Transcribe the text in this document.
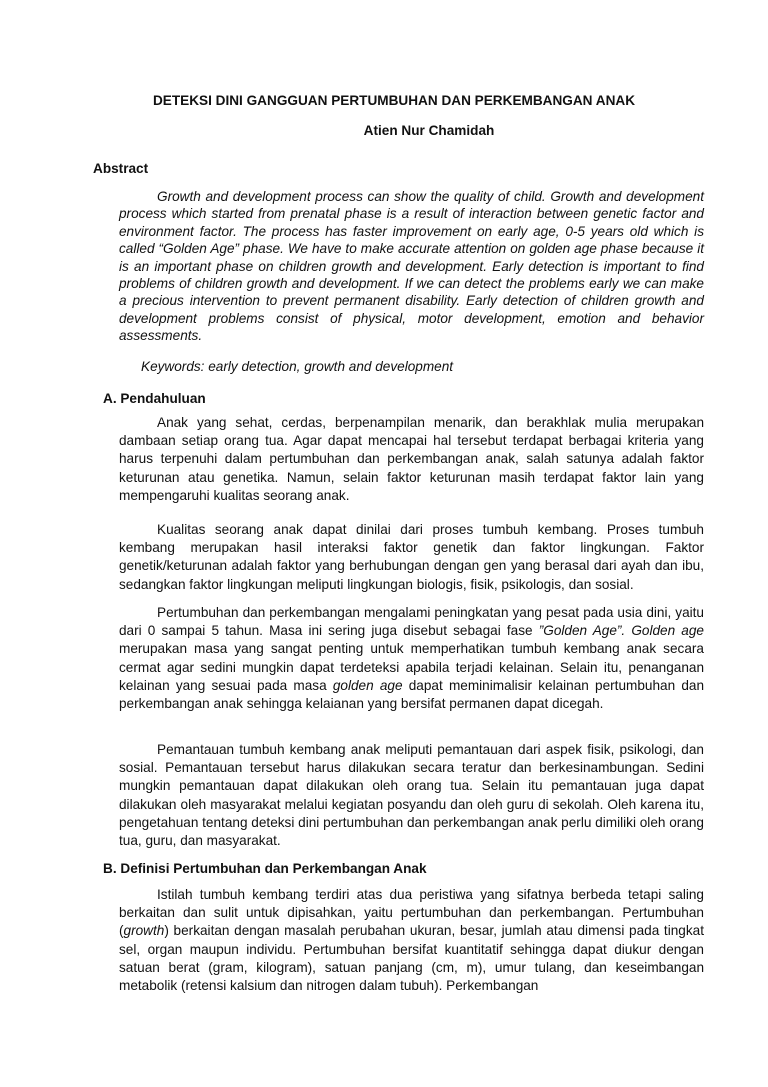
DETEKSI DINI GANGGUAN PERTUMBUHAN DAN PERKEMBANGAN ANAK
Atien Nur Chamidah
Abstract

Growth and development process can show the quality of child. Growth and development process which started from prenatal phase is a result of interaction between genetic factor and environment factor. The process has faster improvement on early age, 0-5 years old which is called “Golden Age” phase. We have to make accurate attention on golden age phase because it is an important phase on children growth and development. Early detection is important to find problems of children growth and development. If we can detect the problems early we can make a precious intervention to prevent permanent disability. Early detection of children growth and development problems consist of physical, motor development, emotion and behavior assessments.

Keywords: early detection, growth and development
A. Pendahuluan

Anak yang sehat, cerdas, berpenampilan menarik, dan berakhlak mulia merupakan dambaan setiap orang tua. Agar dapat mencapai hal tersebut terdapat berbagai kriteria yang harus terpenuhi dalam pertumbuhan dan perkembangan anak, salah satunya adalah faktor keturunan atau genetika. Namun, selain faktor keturunan masih terdapat faktor lain yang mempengaruhi kualitas seorang anak.

Kualitas seorang anak dapat dinilai dari proses tumbuh kembang. Proses tumbuh kembang merupakan hasil interaksi faktor genetik dan faktor lingkungan. Faktor genetik/keturunan adalah faktor yang berhubungan dengan gen yang berasal dari ayah dan ibu, sedangkan faktor lingkungan meliputi lingkungan biologis, fisik, psikologis, dan sosial.

Pertumbuhan dan perkembangan mengalami peningkatan yang pesat pada usia dini, yaitu dari 0 sampai 5 tahun. Masa ini sering juga disebut sebagai fase ”Golden Age”. Golden age merupakan masa yang sangat penting untuk memperhatikan tumbuh kembang anak secara cermat agar sedini mungkin dapat terdeteksi apabila terjadi kelainan. Selain itu, penanganan kelainan yang sesuai pada masa golden age dapat meminimalisir kelainan pertumbuhan dan perkembangan anak sehingga kelaianan yang bersifat permanen dapat dicegah.

Pemantauan tumbuh kembang anak meliputi pemantauan dari aspek fisik, psikologi, dan sosial. Pemantauan tersebut harus dilakukan secara teratur dan berkesinambungan. Sedini mungkin pemantauan dapat dilakukan oleh orang tua. Selain itu pemantauan juga dapat dilakukan oleh masyarakat melalui kegiatan posyandu dan oleh guru di sekolah. Oleh karena itu, pengetahuan tentang deteksi dini pertumbuhan dan perkembangan anak perlu dimiliki oleh orang tua, guru, dan masyarakat.

B. Definisi Pertumbuhan dan Perkembangan Anak

Istilah tumbuh kembang terdiri atas dua peristiwa yang sifatnya berbeda tetapi saling berkaitan dan sulit untuk dipisahkan, yaitu pertumbuhan dan perkembangan. Pertumbuhan (growth) berkaitan dengan masalah perubahan ukuran, besar, jumlah atau dimensi pada tingkat sel, organ maupun individu. Pertumbuhan bersifat kuantitatif sehingga dapat diukur dengan satuan berat (gram, kilogram), satuan panjang (cm, m), umur tulang, dan keseimbangan metabolik (retensi kalsium dan nitrogen dalam tubuh). Perkembangan
